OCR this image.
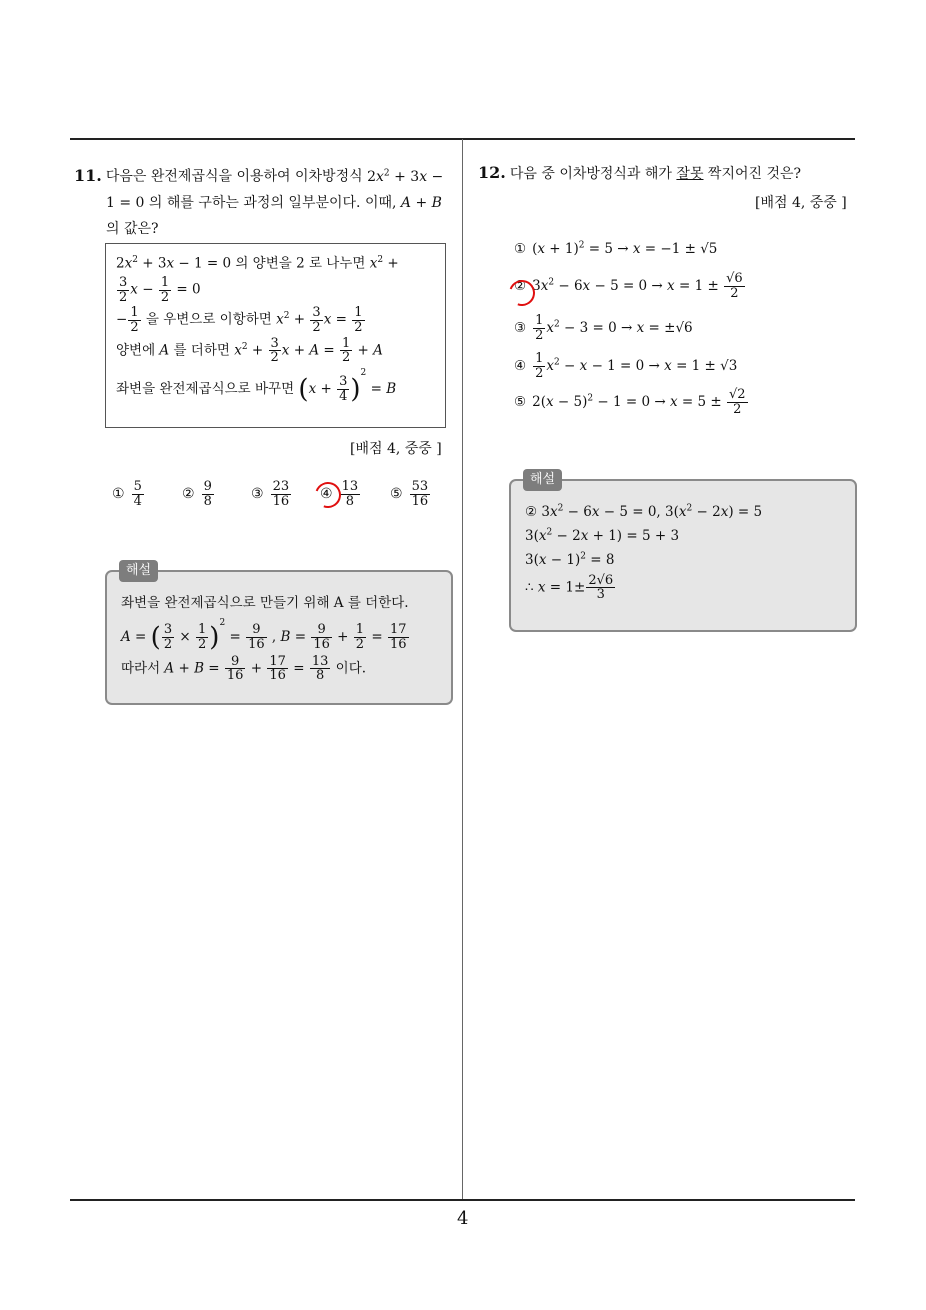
11. 다음은 완전제곱식을 이용하여 이차방정식 $2x^2 + 3x$ −
1 = 0 의 해를 구하는 과정의 일부분이다. 이때, A + B
의 값은?
$2x^2 + 3x - 1 = 0$ 의 양변을 2 로 나누면 $x^2$ +
$\frac{3}{2}$ $x - \frac{1}{2} = 0$
− $\frac{1}{2}$ 을 우변으로 이항하면 $x^2 + \frac{3}{2}$ $x = \frac{1}{2}$
양변에 A 를 더하면 $x^2 + \frac{3}{2}$ $x + A = \frac{1}{2} + A$
좌변을 완전제곱식으로 바꾸면 $(x + \frac{3}{4} )^2 = B$
[배점 4, 중중 ]
① $\frac{5}{4}$	② $\frac{9}{8}$	③ $\frac{23}{16}$ ④ $\frac{13}{8}$ ⑤ $\frac{53}{16}$
해설
좌변을 완전제곱식으로 만들기 위해 A 를 더한다.
A = ( $\frac{3}{2} \times \frac{1}{2} )^2 = \frac{9}{16}$ , $B = \frac{9}{16} + \frac{1}{2} = \frac{17}{16}$
따라서 $A + B = \frac{9}{16} + \frac{17}{16} = \frac{13}{8}$ 이다.
12. 다음 중 이차방정식과 해가 잘못 짝지어진 것은?
[배점 4, 중중 ]
① $(x + 1)^2 = 5 \to x = -1 \pm √5$
② $3x^2 - 6x - 5 = 0 \to x = 1 \pm \frac{√6}{2}$
③ $\frac{1}{2} x^2 - 3 = 0 \to x = \pm√6$
④ $\frac{1}{2} x^2 - x - 1 = 0 \to x = 1 \pm √3$
⑤ $2(x - 5)^2 - 1 = 0 \to x = 5 \pm \frac{√2}{2}$
해설
② $3x^2 - 6x - 5 = 0$, $3(x^2 - 2x) = 5$
$3(x^2 - 2x + 1) = 5 + 3$
$3(x - 1)^2 = 8$
∴ $x = 1\pm \frac{2√6}{3}$
4
